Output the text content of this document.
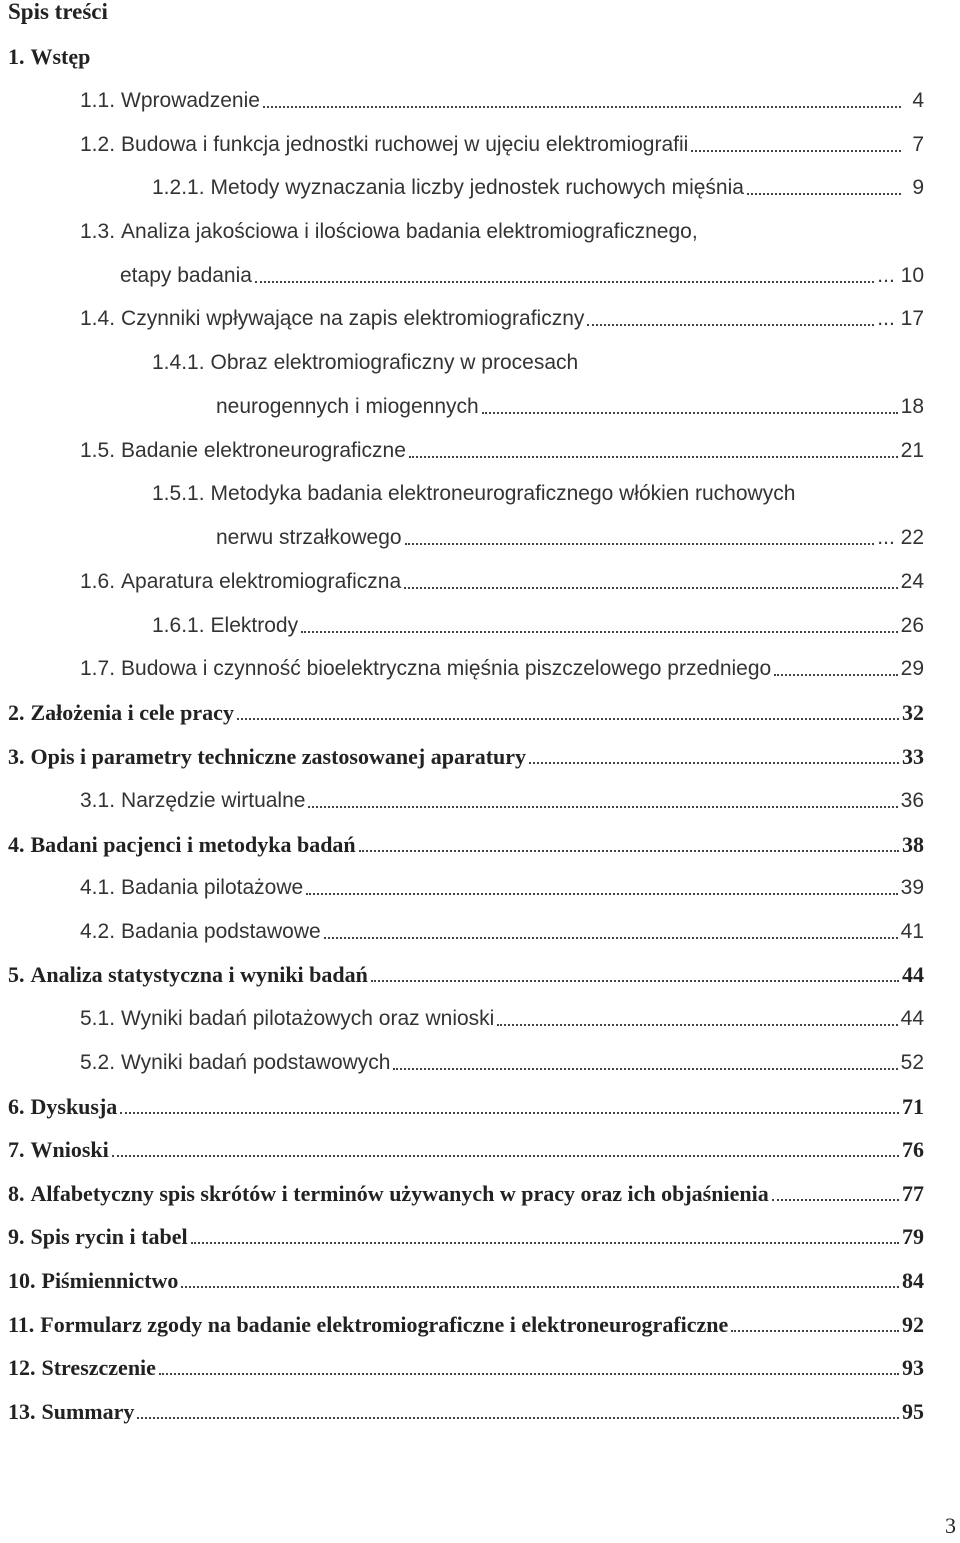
Spis treści
1. Wstęp
1.1. Wprowadzenie	4
1.2. Budowa i funkcja jednostki ruchowej w ujęciu elektromiografii	7
1.2.1. Metody wyznaczania liczby jednostek ruchowych mięśnia	9
1.3. Analiza jakościowa i ilościowa badania elektromiograficznego,
etapy badania	... 10
1.4. Czynniki wpływające na zapis elektromiograficzny	... 17
1.4.1. Obraz elektromiograficzny w procesach
neurogennych i miogennych	18
1.5. Badanie elektroneurograficzne	21
1.5.1. Metodyka badania elektroneurograficznego włókien ruchowych
nerwu strzałkowego	... 22
1.6. Aparatura elektromiograficzna	24
1.6.1. Elektrody	26
1.7. Budowa i czynność bioelektryczna mięśnia piszczelowego przedniego	29
2. Założenia i cele pracy	32
3. Opis i parametry techniczne zastosowanej aparatury	33
3.1. Narzędzie wirtualne	36
4. Badani pacjenci i metodyka badań	38
4.1. Badania pilotażowe	39
4.2. Badania podstawowe	41
5. Analiza statystyczna i wyniki badań	44
5.1. Wyniki badań pilotażowych oraz wnioski	44
5.2. Wyniki badań podstawowych	52
6. Dyskusja	71
7. Wnioski	76
8. Alfabetyczny spis skrótów i terminów używanych w pracy oraz ich objaśnienia	77
9. Spis rycin i tabel	79
10. Piśmiennictwo	84
11. Formularz zgody na badanie elektromiograficzne i elektroneurograficzne	92
12. Streszczenie	93
13. Summary	95
3
